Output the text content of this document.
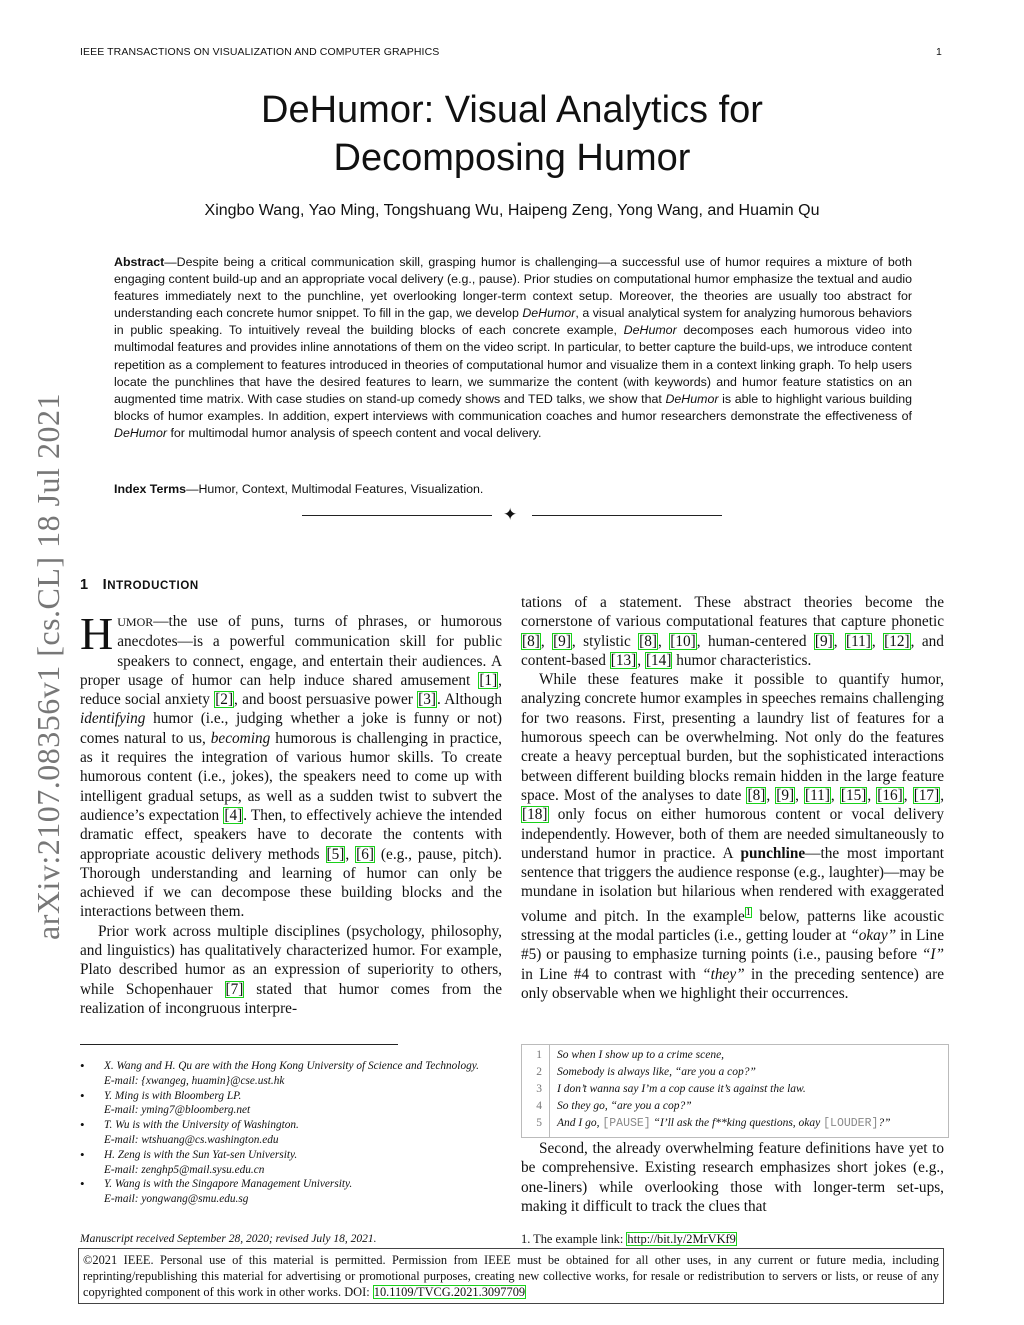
IEEE TRANSACTIONS ON VISUALIZATION AND COMPUTER GRAPHICS	1
arXiv:2107.08356v1 [cs.CL] 18 Jul 2021
DeHumor: Visual Analytics for
Decomposing Humor
Xingbo Wang, Yao Ming, Tongshuang Wu, Haipeng Zeng, Yong Wang, and Huamin Qu
Abstract—Despite being a critical communication skill, grasping humor is challenging—a successful use of humor requires a mixture of both engaging content build-up and an appropriate vocal delivery (e.g., pause). Prior studies on computational humor emphasize the textual and audio features immediately next to the punchline, yet overlooking longer-term context setup. Moreover, the theories are usually too abstract for understanding each concrete humor snippet. To fill in the gap, we develop DeHumor, a visual analytical system for analyzing humorous behaviors in public speaking. To intuitively reveal the building blocks of each concrete example, DeHumor decomposes each humorous video into multimodal features and provides inline annotations of them on the video script. In particular, to better capture the build-ups, we introduce content repetition as a complement to features introduced in theories of computational humor and visualize them in a context linking graph. To help users locate the punchlines that have the desired features to learn, we summarize the content (with keywords) and humor feature statistics on an augmented time matrix. With case studies on stand-up comedy shows and TED talks, we show that DeHumor is able to highlight various building blocks of humor examples. In addition, expert interviews with communication coaches and humor researchers demonstrate the effectiveness of DeHumor for multimodal humor analysis of speech content and vocal delivery.
Index Terms—Humor, Context, Multimodal Features, Visualization.
✦
1 INTRODUCTION

HUMOR—the use of puns, turns of phrases, or humorous anecdotes—is a powerful communication skill for public speakers to connect, engage, and entertain their audiences. A proper usage of humor can help induce shared amusement [1], reduce social anxiety [2], and boost persuasive power [3]. Although identifying humor (i.e., judging whether a joke is funny or not) comes natural to us, becoming humorous is challenging in practice, as it requires the integration of various humor skills. To create humorous content (i.e., jokes), the speakers need to come up with intelligent gradual setups, as well as a sudden twist to subvert the audience’s expectation [4]. Then, to effectively achieve the intended dramatic effect, speakers have to decorate the contents with appropriate acoustic delivery methods [5], [6] (e.g., pause, pitch). Thorough understanding and learning of humor can only be achieved if we can decompose these building blocks and the interactions between them.

Prior work across multiple disciplines (psychology, philosophy, and linguistics) has qualitatively characterized humor. For example, Plato described humor as an expression of superiority to others, while Schopenhauer [7] stated that humor comes from the realization of incongruous interpre-

tations of a statement. These abstract theories become the cornerstone of various computational features that capture phonetic [8], [9], stylistic [8], [10], human-centered [9], [11], [12], and content-based [13], [14] humor characteristics.

While these features make it possible to quantify humor, analyzing concrete humor examples in speeches remains challenging for two reasons. First, presenting a laundry list of features for a humorous speech can be overwhelming. Not only do the features create a heavy perceptual burden, but the sophisticated interactions between different building blocks remain hidden in the large feature space. Most of the analyses to date [8], [9], [11], [15], [16], [17], [18] only focus on either humorous content or vocal delivery independently. However, both of them are needed simultaneously to understand humor in practice. A punchline—the most important sentence that triggers the audience response (e.g., laughter)—may be mundane in isolation but hilarious when rendered with exaggerated volume and pitch. In the example$^1$ below, patterns like acoustic stressing at the modal particles (i.e., getting louder at “okay” in Line #5) or pausing to emphasize turning points (i.e., pausing before “I” in Line #4 to contrast with “they” in the preceding sentence) are only observable when we highlight their occurrences.

1 So when I show up to a crime scene,
2 Somebody is always like, “are you a cop?”
3 I don’t wanna say I’m a cop cause it’s against the law.
4 So they go, “are you a cop?”
5 And I go, [PAUSE] “I’ll ask the f**king questions, okay [LOUDER]?”

Second, the already overwhelming feature definitions have yet to be comprehensive. Existing research emphasizes short jokes (e.g., one-liners) while overlooking those with longer-term set-ups, making it difficult to track the clues that

• X. Wang and H. Qu are with the Hong Kong University of Science and Technology.
E-mail: {xwangeg, huamin}@cse.ust.hk
• Y. Ming is with Bloomberg LP.
E-mail: yming7@bloomberg.net
• T. Wu is with the University of Washington.
E-mail: wtshuang@cs.washington.edu
• H. Zeng is with the Sun Yat-sen University.
E-mail: zenghp5@mail.sysu.edu.cn
• Y. Wang is with the Singapore Management University.
E-mail: yongwang@smu.edu.sg
Manuscript received September 28, 2020; revised July 18, 2021.	1. The example link: http://bit.ly/2MrVKf9
©2021 IEEE. Personal use of this material is permitted. Permission from IEEE must be obtained for all other uses, in any current or future media, including reprinting/republishing this material for advertising or promotional purposes, creating new collective works, for resale or redistribution to servers or lists, or reuse of any copyrighted component of this work in other works. DOI: 10.1109/TVCG.2021.3097709
